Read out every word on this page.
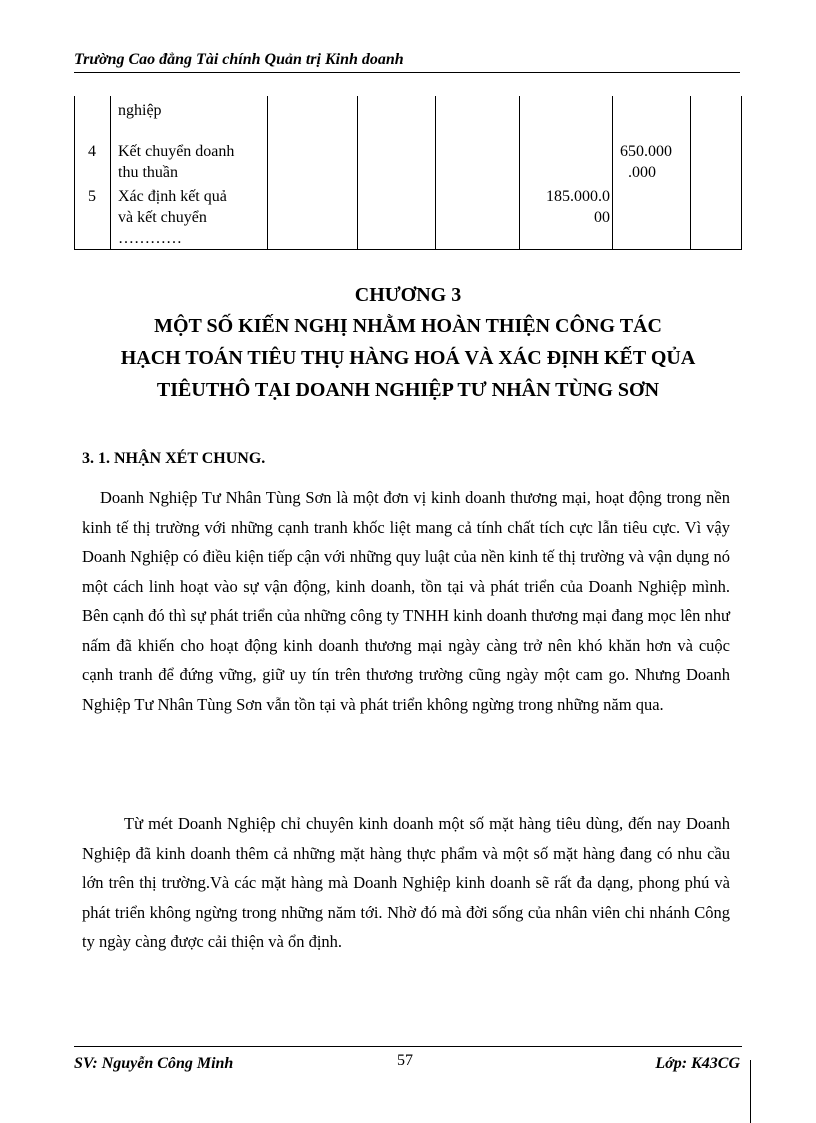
Trường Cao đẳng Tài chính Quản trị Kinh doanh
nghiệp
4 Kết chuyển doanh
thu thuần
650.000
.000
5 Xác định kết quả
và kết chuyển
…………
185.000.0
00
CHƯƠNG 3
MỘT SỐ KIẾN NGHỊ NHẰM HOÀN THIỆN CÔNG TÁC
HẠCH TOÁN TIÊU THỤ HÀNG HOÁ VÀ XÁC ĐỊNH KẾT QỦA
TIÊUTHÔ TẠI DOANH NGHIỆP TƯ NHÂN TÙNG SƠN
3. 1. NHẬN XÉT CHUNG.

Doanh Nghiệp Tư Nhân Tùng Sơn là một đơn vị kinh doanh thương mại, hoạt động trong nền kinh tế thị trường với những cạnh tranh khốc liệt mang cả tính chất tích cực lẫn tiêu cực. Vì vậy Doanh Nghiệp có điều kiện tiếp cận với những quy luật của nền kinh tế thị trường và vận dụng nó một cách linh hoạt vào sự vận động, kinh doanh, tồn tại và phát triển của Doanh Nghiệp mình. Bên cạnh đó thì sự phát triển của những công ty TNHH kinh doanh thương mại đang mọc lên như nấm đã khiến cho hoạt động kinh doanh thương mại ngày càng trở nên khó khăn hơn và cuộc cạnh tranh để đứng vững, giữ uy tín trên thương trường cũng ngày một cam go. Nhưng Doanh Nghiệp Tư Nhân Tùng Sơn vẫn tồn tại và phát triển không ngừng trong những năm qua.

Từ mét Doanh Nghiệp chỉ chuyên kinh doanh một số mặt hàng tiêu dùng, đến nay Doanh Nghiệp đã kinh doanh thêm cả những mặt hàng thực phẩm và một số mặt hàng đang có nhu cầu lớn trên thị trường.Và các mặt hàng mà Doanh Nghiệp kinh doanh sẽ rất đa dạng, phong phú và phát triển không ngừng trong những năm tới. Nhờ đó mà đời sống của nhân viên chi nhánh Công ty ngày càng được cải thiện và ổn định.

SV: Nguyễn Công Minh	57	Lớp: K43CG
